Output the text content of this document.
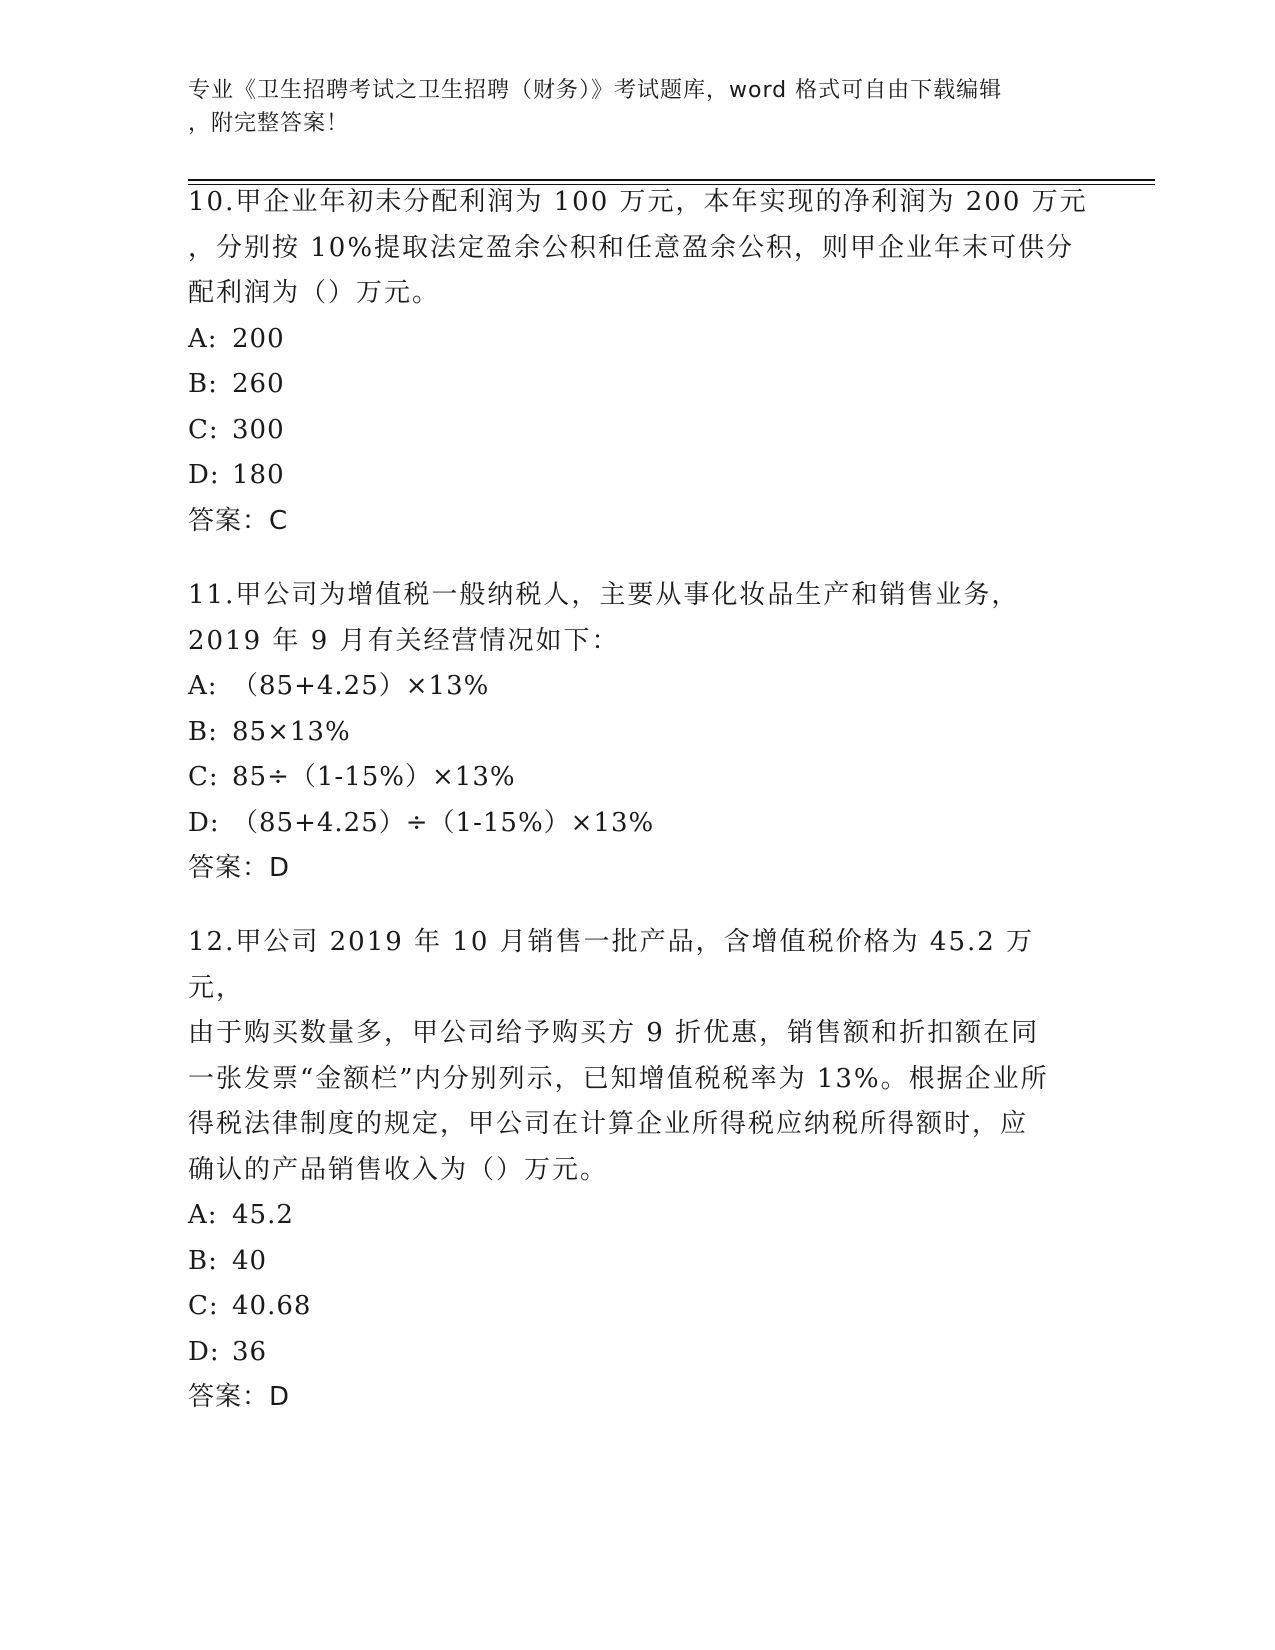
专业《卫生招聘考试之卫生招聘（财务）》考试题库，word 格式可自由下载编辑
，附完整答案！
10.甲企业年初未分配利润为 100 万元，本年实现的净利润为 200 万元
，分别按 10%提取法定盈余公积和任意盈余公积，则甲企业年末可供分
配利润为（）万元。
A: 200
B: 260
C: 300
D: 180
答案：C
11.甲公司为增值税一般纳税人，主要从事化妆品生产和销售业务，
2019 年 9 月有关经营情况如下：
A: （85+4.25）×13%
B: 85×13%
C: 85÷（1-15%）×13%
D: （85+4.25）÷（1-15%）×13%
答案：D
12.甲公司 2019 年 10 月销售一批产品，含增值税价格为 45.2 万元，
由于购买数量多，甲公司给予购买方 9 折优惠，销售额和折扣额在同
一张发票“金额栏”内分别列示，已知增值税税率为 13%。根据企业所
得税法律制度的规定，甲公司在计算企业所得税应纳税所得额时，应
确认的产品销售收入为（）万元。
A: 45.2
B: 40
C: 40.68
D: 36
答案：D
